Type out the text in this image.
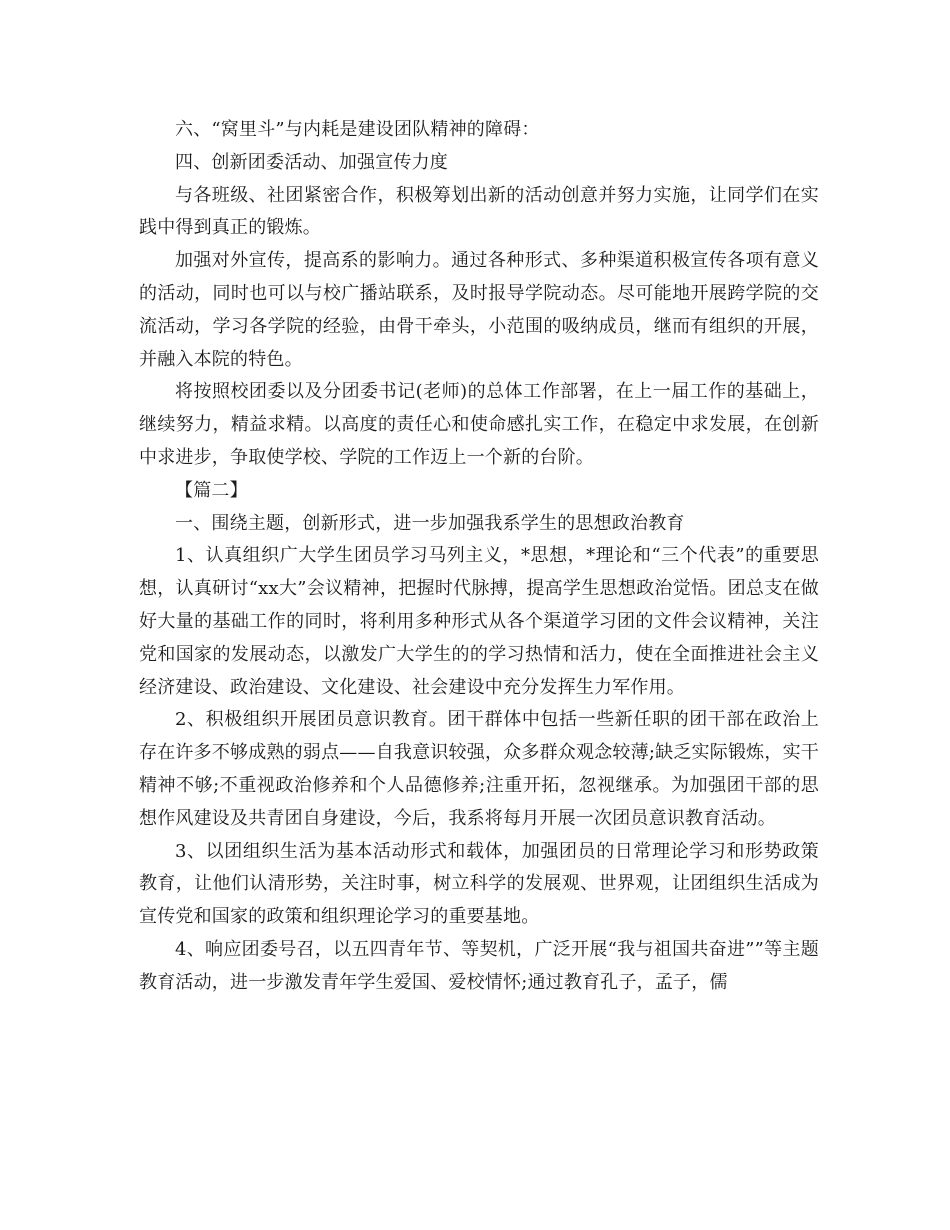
六、“窝里斗”与内耗是建设团队精神的障碍：

四、创新团委活动、加强宣传力度

与各班级、社团紧密合作，积极筹划出新的活动创意并努力实施，让同学们在实践中得到真正的锻炼。

加强对外宣传，提高系的影响力。通过各种形式、多种渠道积极宣传各项有意义的活动，同时也可以与校广播站联系，及时报导学院动态。尽可能地开展跨学院的交流活动，学习各学院的经验，由骨干牵头，小范围的吸纳成员，继而有组织的开展，并融入本院的特色。

将按照校团委以及分团委书记(老师)的总体工作部署，在上一届工作的基础上，继续努力，精益求精。以高度的责任心和使命感扎实工作，在稳定中求发展，在创新中求进步，争取使学校、学院的工作迈上一个新的台阶。

【篇二】

一、围绕主题，创新形式，进一步加强我系学生的思想政治教育

1、认真组织广大学生团员学习马列主义，*思想，*理论和“三个代表”的重要思想，认真研讨“xx大”会议精神，把握时代脉搏，提高学生思想政治觉悟。团总支在做好大量的基础工作的同时，将利用多种形式从各个渠道学习团的文件会议精神，关注党和国家的发展动态，以激发广大学生的的学习热情和活力，使在全面推进社会主义经济建设、政治建设、文化建设、社会建设中充分发挥生力军作用。

2、积极组织开展团员意识教育。团干群体中包括一些新任职的团干部在政治上存在许多不够成熟的弱点——自我意识较强，众多群众观念较薄;缺乏实际锻炼，实干精神不够;不重视政治修养和个人品德修养;注重开拓，忽视继承。为加强团干部的思想作风建设及共青团自身建设，今后，我系将每月开展一次团员意识教育活动。

3、以团组织生活为基本活动形式和载体，加强团员的日常理论学习和形势政策教育，让他们认清形势，关注时事，树立科学的发展观、世界观，让团组织生活成为宣传党和国家的政策和组织理论学习的重要基地。

4、响应团委号召，以五四青年节、等契机，广泛开展“我与祖国共奋进””等主题教育活动，进一步激发青年学生爱国、爱校情怀;通过教育孔子，孟子，儒
